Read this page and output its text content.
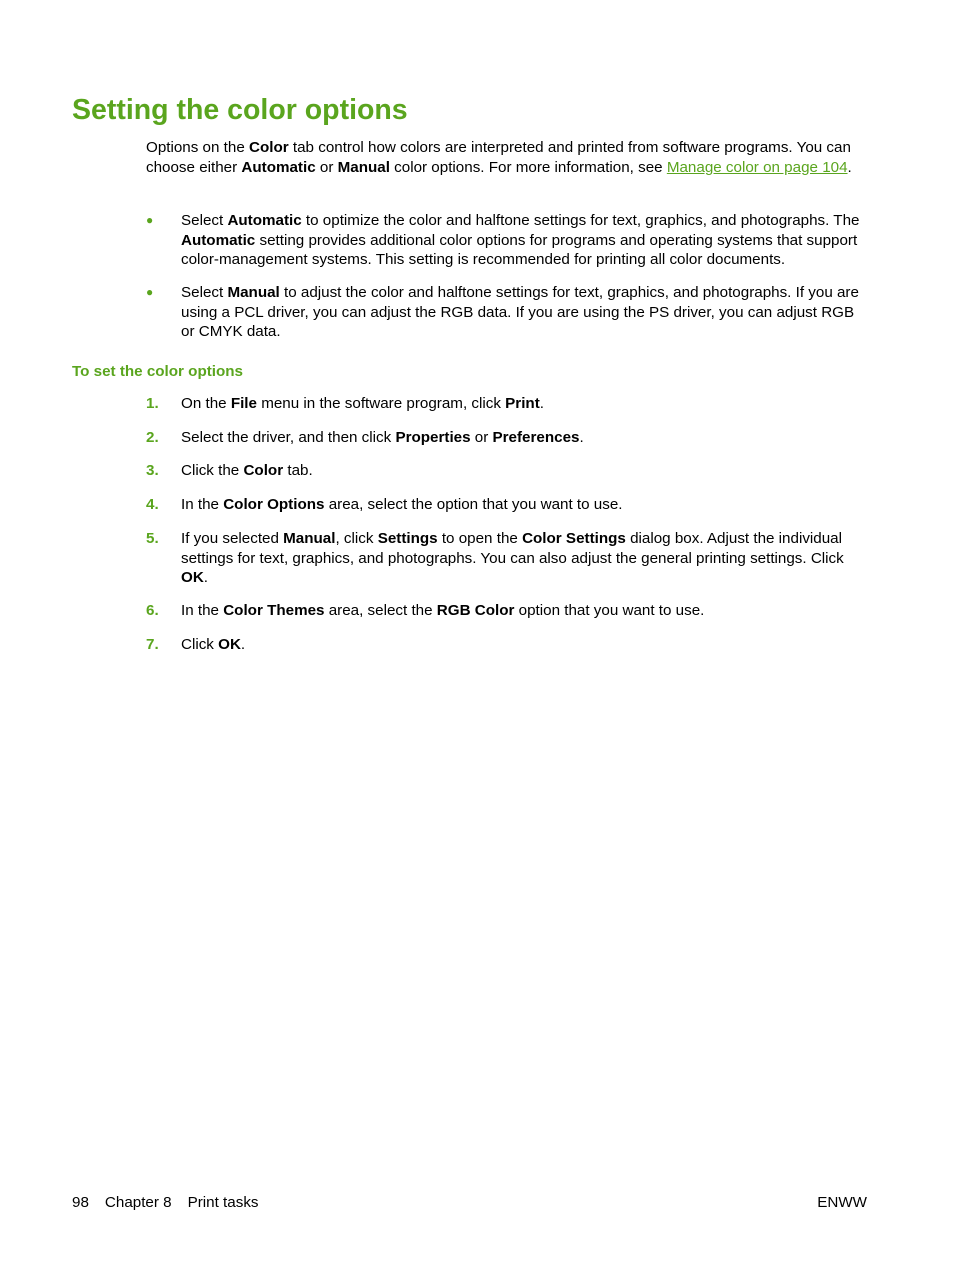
Setting the color options

Options on the Color tab control how colors are interpreted and printed from software programs. You can choose either Automatic or Manual color options. For more information, see Manage color on page 104.

● Select Automatic to optimize the color and halftone settings for text, graphics, and photographs. The Automatic setting provides additional color options for programs and operating systems that support color-management systems. This setting is recommended for printing all color documents.

● Select Manual to adjust the color and halftone settings for text, graphics, and photographs. If you are using a PCL driver, you can adjust the RGB data. If you are using the PS driver, you can adjust RGB or CMYK data.

To set the color options
1. On the File menu in the software program, click Print.

2. Select the driver, and then click Properties or Preferences.

3. Click the Color tab.

4. In the Color Options area, select the option that you want to use.

5. If you selected Manual, click Settings to open the Color Settings dialog box. Adjust the individual settings for text, graphics, and photographs. You can also adjust the general printing settings. Click OK.

6. In the Color Themes area, select the RGB Color option that you want to use.

7. Click OK.

98 Chapter 8 Print tasks	ENWW
